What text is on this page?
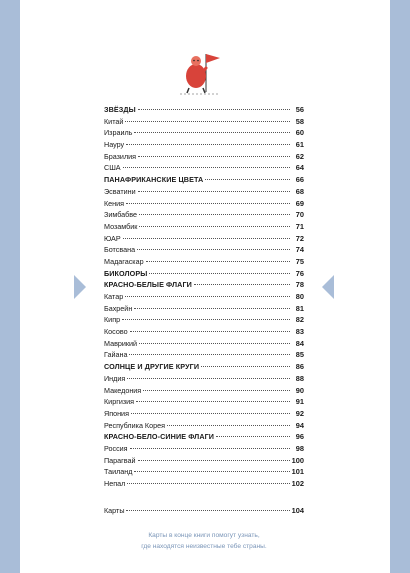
ЗВЁЗДЫ	56
Китай	58
Израиль	60
Науру	61
Бразилия	62
США	64
ПАНАФРИКАНСКИЕ ЦВЕТА	66
Эсватини	68
Кения	69
Зимбабве	70
Мозамбик	71
ЮАР	72
Ботсвана	74
Мадагаскар	75
БИКОЛОРЫ	76
КРАСНО-БЕЛЫЕ ФЛАГИ	78
Катар	80
Бахрейн	81
Кипр	82
Косово	83
Маврикий	84
Гайана	85
СОЛНЦЕ И ДРУГИЕ КРУГИ	86
Индия	88
Македония	90
Киргизия	91
Япония	92
Республика Корея	94
КРАСНО-БЕЛО-СИНИЕ ФЛАГИ	96
Россия	98
Парагвай	100
Таиланд	101
Непал	102
Карты	104
Карты в конце книги помогут узнать,
где находятся неизвестные тебе страны.
